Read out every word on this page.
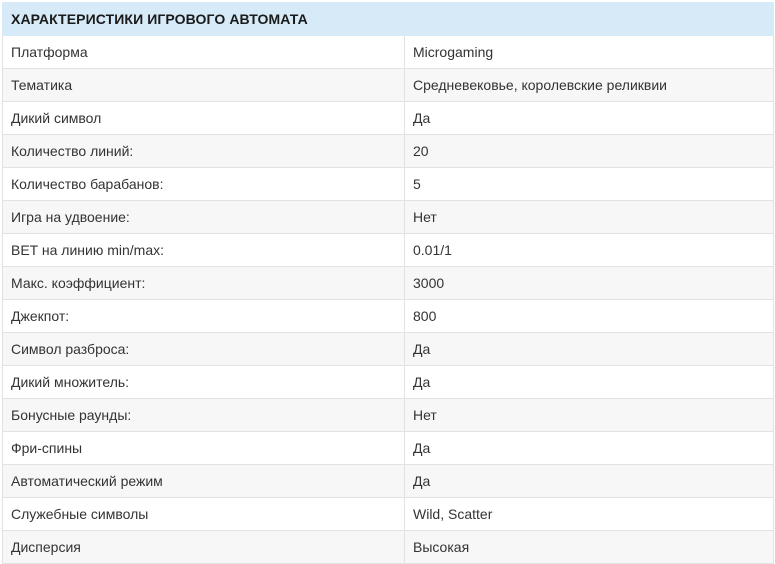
ХАРАКТЕРИСТИКИ ИГРОВОГО АВТОМАТА	
Платформа	Microgaming
Тематика	Средневековье, королевские реликвии
Дикий символ	Да
Количество линий:	20
Количество барабанов:	5
Игра на удвоение:	Нет
BET на линию min/max:	0.01/1
Макс. коэффициент:	3000
Джекпот:	800
Символ разброса:	Да
Дикий множитель:	Да
Бонусные раунды:	Нет
Фри-спины	Да
Автоматический режим	Да
Служебные символы	Wild, Scatter
Дисперсия	Высокая
